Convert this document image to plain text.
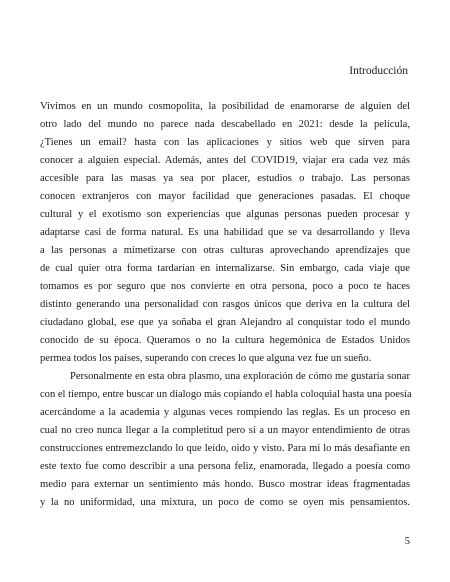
Introducción
Vivimos en un mundo cosmopolita, la posibilidad de enamorarse de alguien del
otro lado del mundo no parece nada descabellado en 2021: desde la película,
¿Tienes un email? hasta con las aplicaciones y sitios web que sirven para
conocer a alguien especial. Además, antes del COVID19, viajar era cada vez más
accesible para las masas ya sea por placer, estudios o trabajo. Las personas
conocen extranjeros con mayor facilidad que generaciones pasadas. El choque
cultural y el exotismo son experiencias que algunas personas pueden procesar y
adaptarse casi de forma natural. Es una habilidad que se va desarrollando y lleva
a las personas a mimetizarse con otras culturas aprovechando aprendizajes que
de cual quier otra forma tardarían en internalizarse. Sin embargo, cada viaje que
tomamos es por seguro que nos convierte en otra persona, poco a poco te haces
distinto generando una personalidad con rasgos únicos que deriva en la cultura del
ciudadano global, ese que ya soñaba el gran Alejandro al conquistar todo el mundo
conocido de su época. Queramos o no la cultura hegemónica de Estados Unidos
permea todos los países, superando con creces lo que alguna vez fue un sueño.
Personalmente en esta obra plasmo, una exploración de cómo me gustaría sonar
con el tiempo, entre buscar un dialogo más copiando el habla coloquial hasta una poesía
acercándome a la academia y algunas veces rompiendo las reglas. Es un proceso en
cual no creo nunca llegar a la completitud pero sí a un mayor entendimiento de otras
construcciones entremezclando lo que leído, oido y visto. Para mi lo más desafiante en
este texto fue como describir a una persona feliz, enamorada, llegado a poesía como
medio para externar un sentimiento más hondo. Busco mostrar ideas fragmentadas
y la no uniformidad, una mixtura, un poco de como se oyen mis pensamientos.
5
